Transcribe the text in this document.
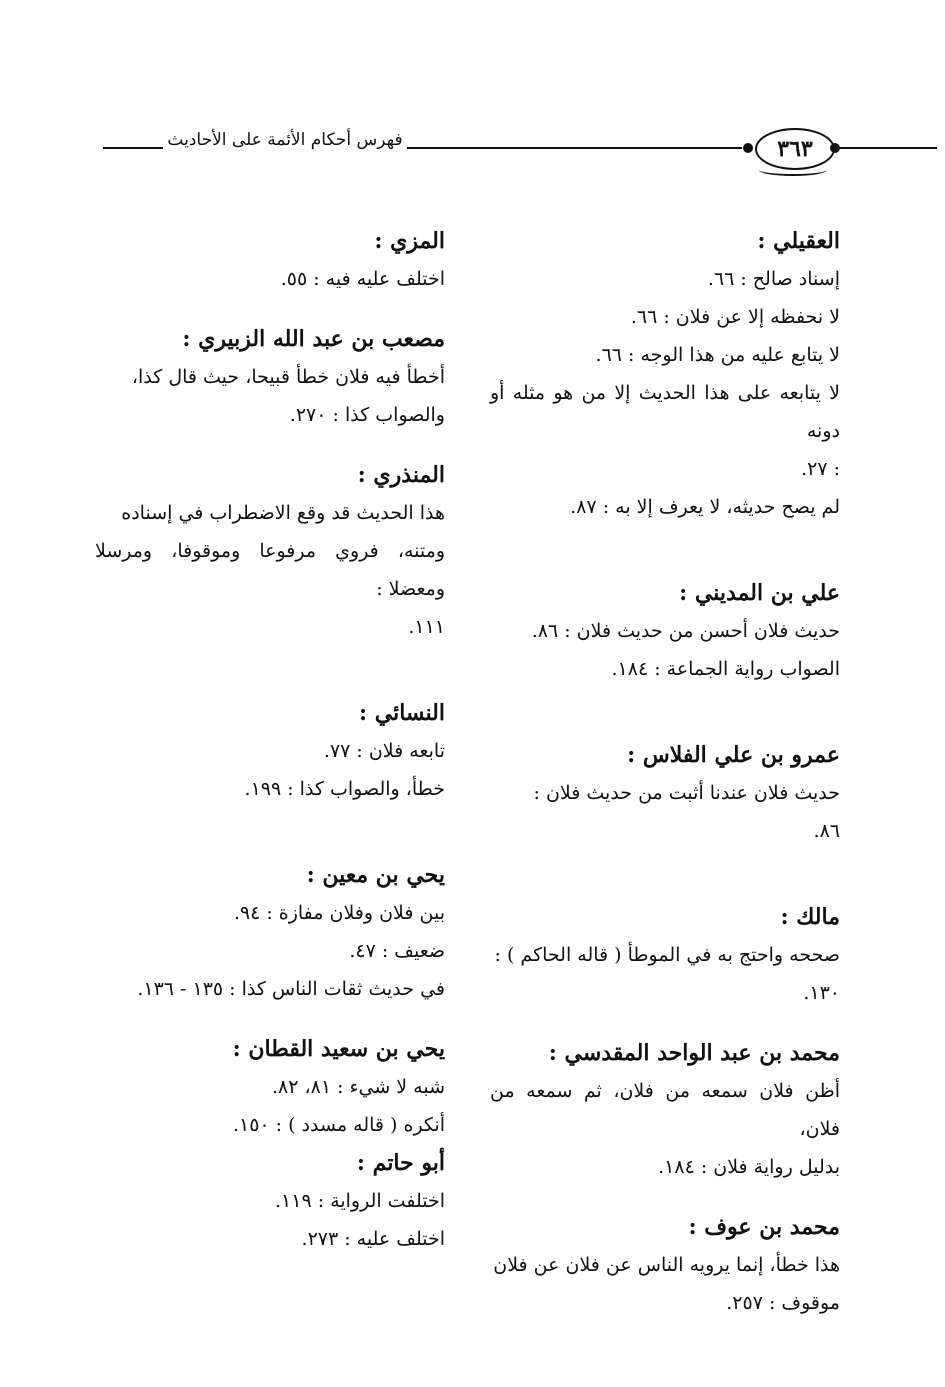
فهرس أحكام الأئمة على الأحاديث	٣٦٣

العقيلي :

إسناد صالح : ٦٦.

لا نحفظه إلا عن فلان : ٦٦.

لا يتابع عليه من هذا الوجه : ٦٦.

لا يتابعه على هذا الحديث إلا من هو مثله أو دونه

: ٢٧.

لم يصح حديثه، لا يعرف إلا به : ٨٧.

علي بن المديني :

حديث فلان أحسن من حديث فلان : ٨٦.

الصواب رواية الجماعة : ١٨٤.

عمرو بن علي الفلاس :

حديث فلان عندنا أثبت من حديث فلان :

٨٦.

مالك :

صححه واحتج به في الموطأ ( قاله الحاكم ) :

١٣٠.

محمد بن عبد الواحد المقدسي :

أظن فلان سمعه من فلان، ثم سمعه من فلان،

بدليل رواية فلان : ١٨٤.

محمد بن عوف :

هذا خطأ، إنما يرويه الناس عن فلان عن فلان

موقوف : ٢٥٧.

المزي :

اختلف عليه فيه : ٥٥.

مصعب بن عبد الله الزبيري :

أخطأ فيه فلان خطأ قبيحا، حيث قال كذا،

والصواب كذا : ٢٧٠.

المنذري :

هذا الحديث قد وقع الاضطراب في إسناده

ومتنه، فروي مرفوعا وموقوفا، ومرسلا ومعضلا :

١١١.

النسائي :

تابعه فلان : ٧٧.

خطأ، والصواب كذا : ١٩٩.

يحي بن معين :

بين فلان وفلان مفازة : ٩٤.

ضعيف : ٤٧.

في حديث ثقات الناس كذا : ١٣٥ - ١٣٦.

يحي بن سعيد القطان :

شبه لا شيء : ٨١، ٨٢.

أنكره ( قاله مسدد ) : ١٥٠.

أبو حاتم :

اختلفت الرواية : ١١٩.

اختلف عليه : ٢٧٣.
